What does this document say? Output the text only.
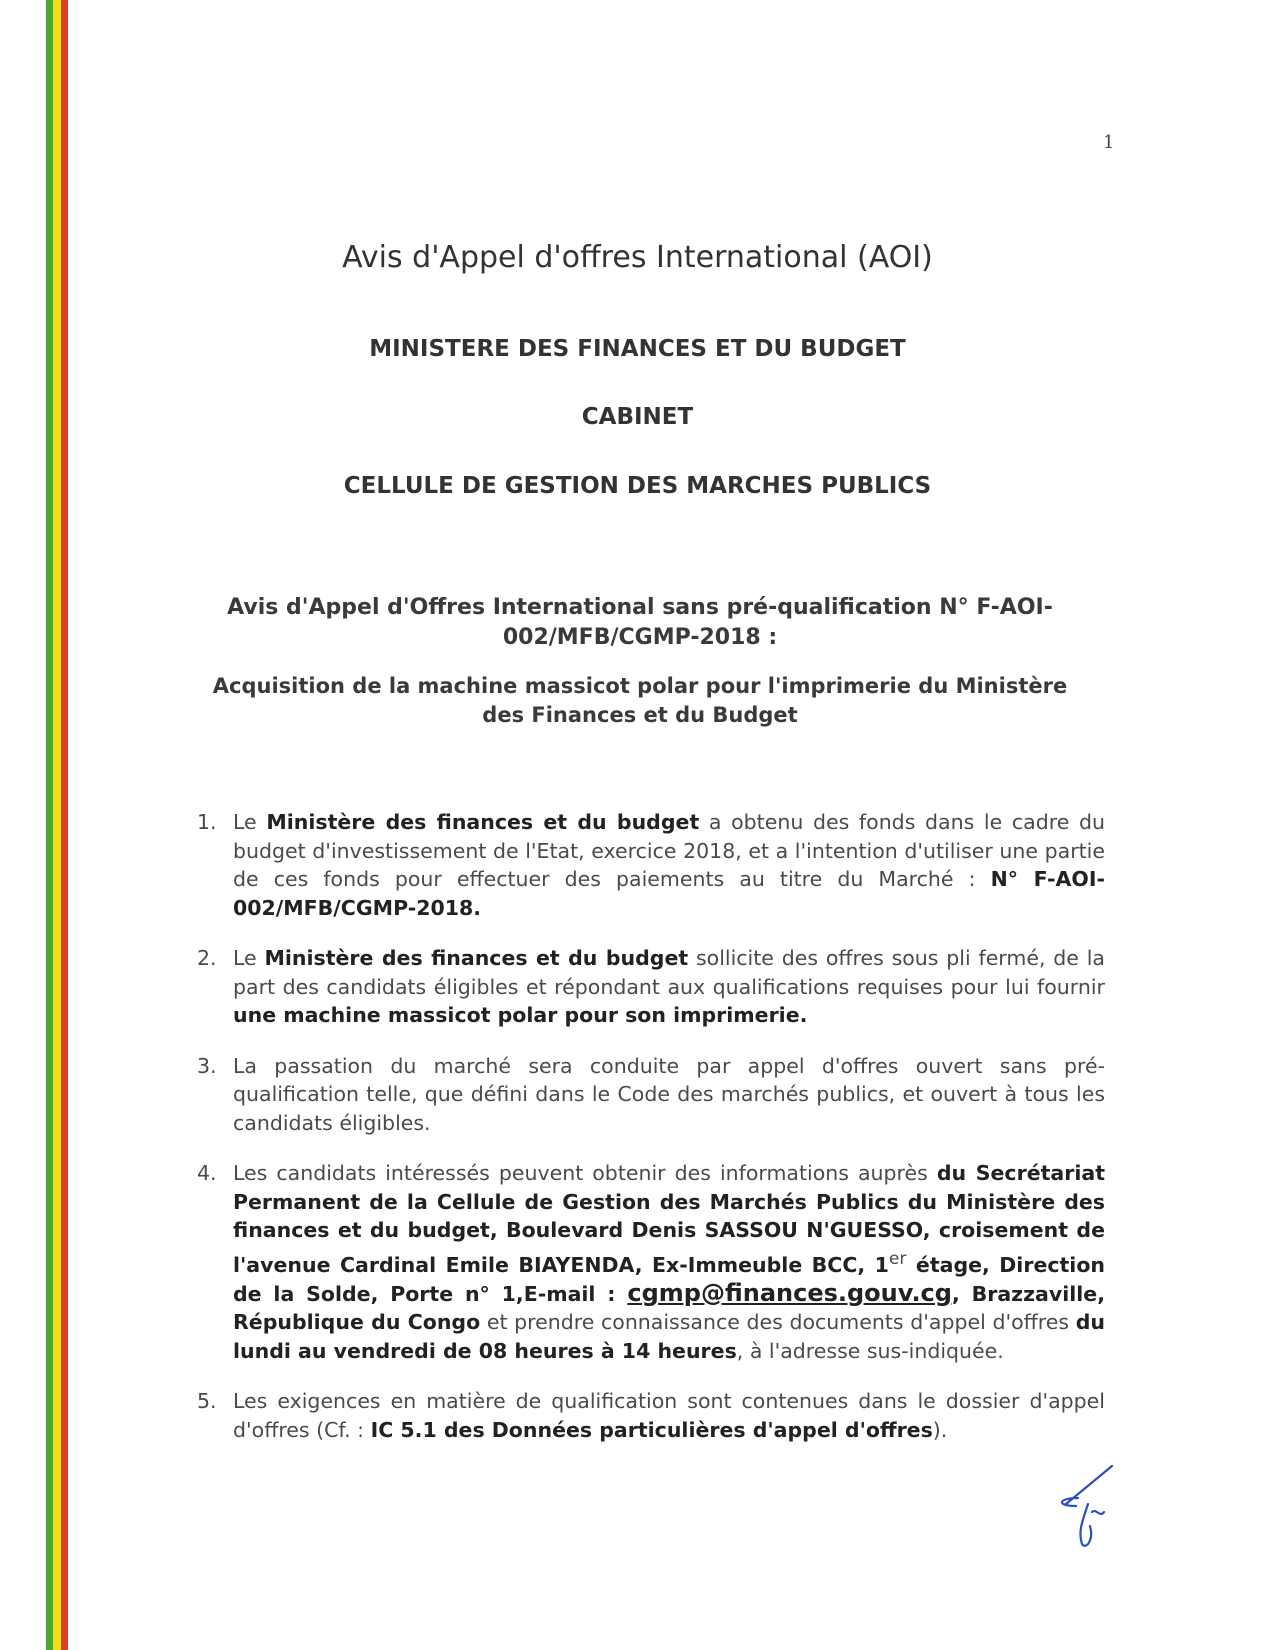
1
Avis d'Appel d'offres International (AOI)
MINISTERE DES FINANCES ET DU BUDGET
CABINET
CELLULE DE GESTION DES MARCHES PUBLICS
Avis d'Appel d'Offres International sans pré-qualification N° F-AOI-002/MFB/CGMP-2018 :
Acquisition de la machine massicot polar pour l'imprimerie du Ministère des Finances et du Budget
1. Le Ministère des finances et du budget a obtenu des fonds dans le cadre du budget d'investissement de l'Etat, exercice 2018, et a l'intention d'utiliser une partie de ces fonds pour effectuer des paiements au titre du Marché : N° F-AOI-002/MFB/CGMP-2018.
2. Le Ministère des finances et du budget sollicite des offres sous pli fermé, de la part des candidats éligibles et répondant aux qualifications requises pour lui fournir une machine massicot polar pour son imprimerie.
3. La passation du marché sera conduite par appel d'offres ouvert sans pré-qualification telle, que défini dans le Code des marchés publics, et ouvert à tous les candidats éligibles.
4. Les candidats intéressés peuvent obtenir des informations auprès du Secrétariat Permanent de la Cellule de Gestion des Marchés Publics du Ministère des finances et du budget, Boulevard Denis SASSOU N'GUESSO, croisement de l'avenue Cardinal Emile BIAYENDA, Ex-Immeuble BCC, 1er étage, Direction de la Solde, Porte n° 1,E-mail : cgmp@finances.gouv.cg, Brazzaville, République du Congo et prendre connaissance des documents d'appel d'offres du lundi au vendredi de 08 heures à 14 heures, à l'adresse sus-indiquée.
5. Les exigences en matière de qualification sont contenues dans le dossier d'appel d'offres (Cf. : IC 5.1 des Données particulières d'appel d'offres).
